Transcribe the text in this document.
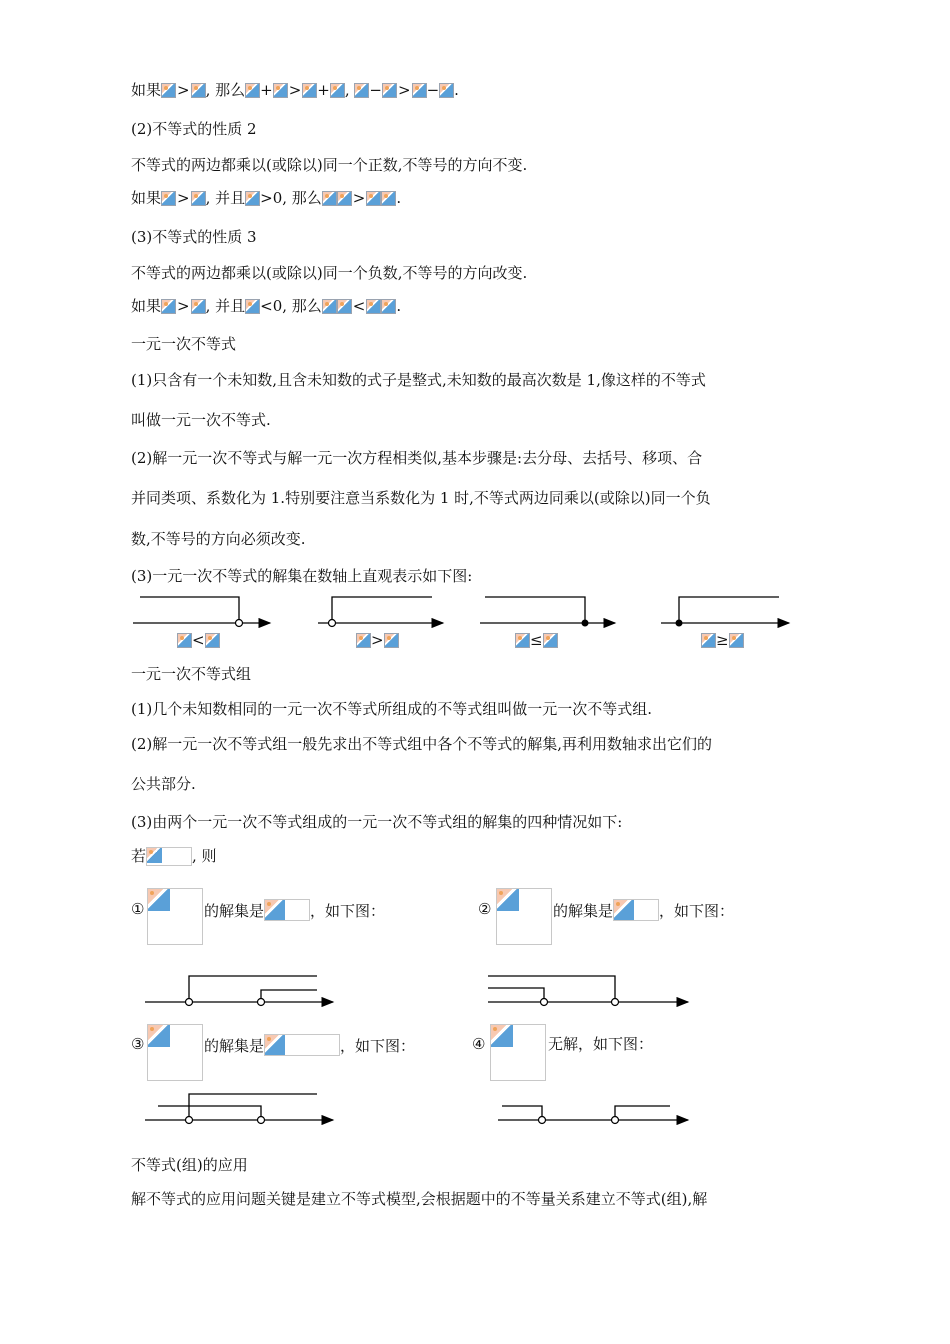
如果 > , 那么 + > + , − > − .
(2)不等式的性质 2
不等式的两边都乘以(或除以)同一个正数,不等号的方向不变.
如果 > , 并且 >0, 那么 > .
(3)不等式的性质 3
不等式的两边都乘以(或除以)同一个负数,不等号的方向改变.
如果 > , 并且 <0, 那么 < .
一元一次不等式
(1)只含有一个未知数,且含未知数的式子是整式,未知数的最高次数是 1,像这样的不等式
叫做一元一次不等式.
(2)解一元一次不等式与解一元一次方程相类似,基本步骤是:去分母、去括号、移项、合
并同类项、系数化为 1.特别要注意当系数化为 1 时,不等式两边同乘以(或除以)同一个负
数,不等号的方向必须改变.
(3)一元一次不等式的解集在数轴上直观表示如下图:
<	>	≤	≥
一元一次不等式组
(1)几个未知数相同的一元一次不等式所组成的不等式组叫做一元一次不等式组.
(2)解一元一次不等式组一般先求出不等式组中各个不等式的解集,再利用数轴求出它们的
公共部分.
(3)由两个一元一次不等式组成的一元一次不等式组的解集的四种情况如下:
若	, 则
①	的解集是	，如下图：	②	的解集是	，如下图：
③	的解集是	，如下图：	④	无解，如下图：
不等式(组)的应用
解不等式的应用问题关键是建立不等式模型,会根据题中的不等量关系建立不等式(组),解
